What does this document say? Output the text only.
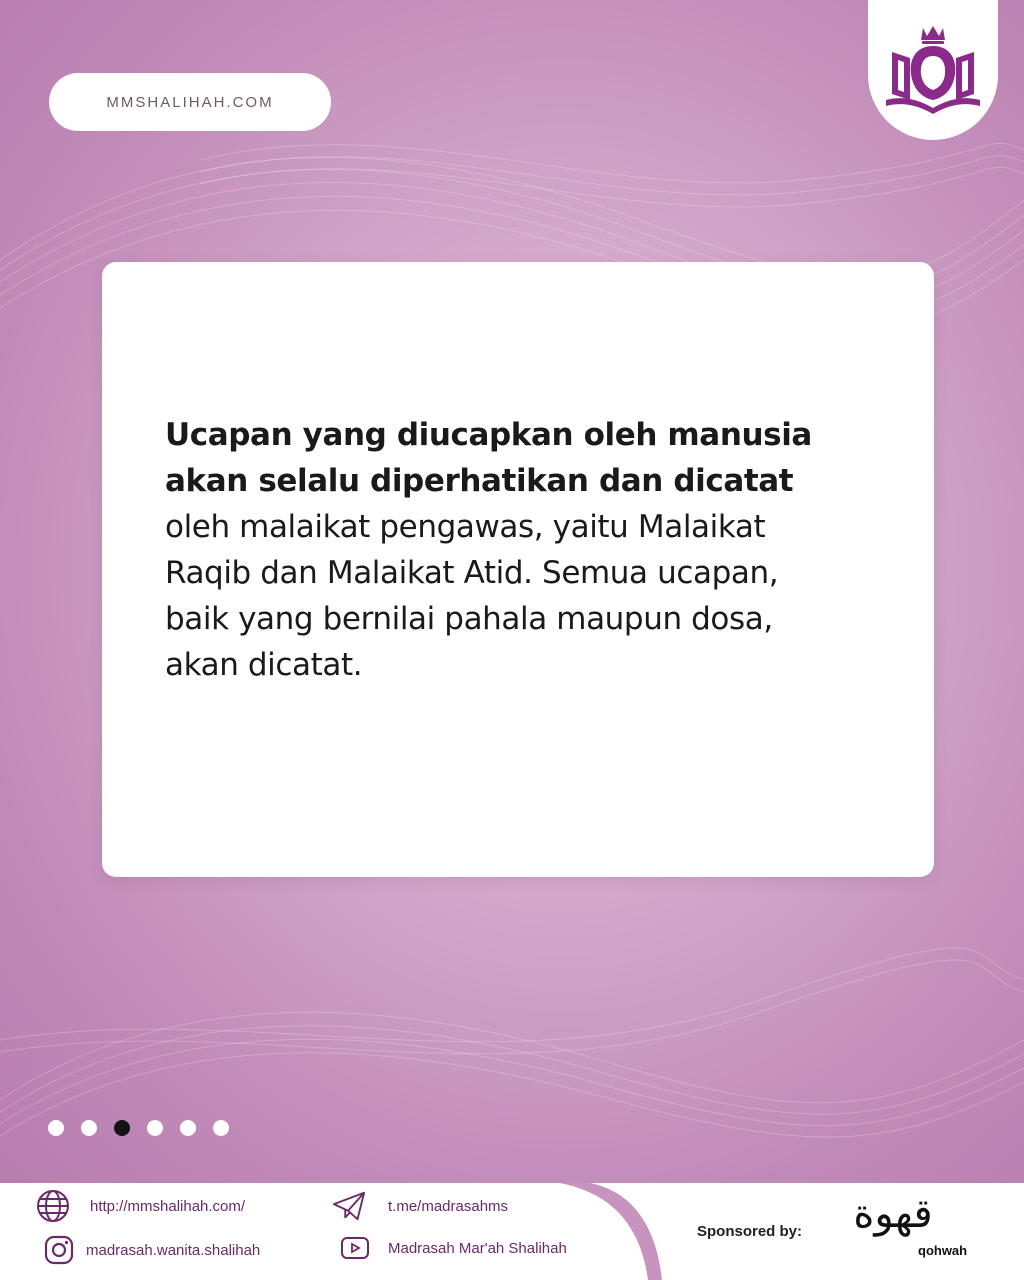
MMSHALIHAH.COM
Ucapan yang diucapkan oleh manusia akan selalu diperhatikan dan dicatat
oleh malaikat pengawas, yaitu Malaikat Raqib dan Malaikat Atid. Semua ucapan, baik yang bernilai pahala maupun dosa, akan dicatat.
http://mmshalihah.com/
madrasah.wanita.shalihah
t.me/madrasahms
Madrasah Mar'ah Shalihah
Sponsored by:	قهوة
qohwah
